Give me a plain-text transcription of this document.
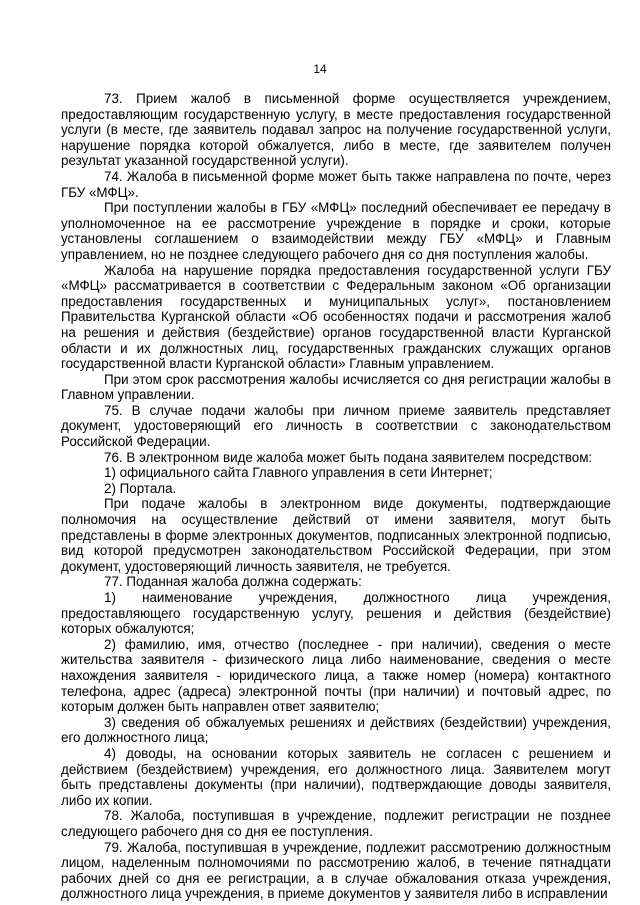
14

73. Прием жалоб в письменной форме осуществляется учреждением, предоставляющим государственную услугу, в месте предоставления государственной услуги (в месте, где заявитель подавал запрос на получение государственной услуги, нарушение порядка которой обжалуется, либо в месте, где заявителем получен результат указанной государственной услуги).

74. Жалоба в письменной форме может быть также направлена по почте, через ГБУ «МФЦ».

При поступлении жалобы в ГБУ «МФЦ» последний обеспечивает ее передачу в уполномоченное на ее рассмотрение учреждение в порядке и сроки, которые установлены соглашением о взаимодействии между ГБУ «МФЦ» и Главным управлением, но не позднее следующего рабочего дня со дня поступления жалобы.

Жалоба на нарушение порядка предоставления государственной услуги ГБУ «МФЦ» рассматривается в соответствии с Федеральным законом «Об организации предоставления государственных и муниципальных услуг», постановлением Правительства Курганской области «Об особенностях подачи и рассмотрения жалоб на решения и действия (бездействие) органов государственной власти Курганской области и их должностных лиц, государственных гражданских служащих органов государственной власти Курганской области» Главным управлением.

При этом срок рассмотрения жалобы исчисляется со дня регистрации жалобы в Главном управлении.

75. В случае подачи жалобы при личном приеме заявитель представляет документ, удостоверяющий его личность в соответствии с законодательством Российской Федерации.

76. В электронном виде жалоба может быть подана заявителем посредством:

1) официального сайта Главного управления в сети Интернет;

2) Портала.

При подаче жалобы в электронном виде документы, подтверждающие полномочия на осуществление действий от имени заявителя, могут быть представлены в форме электронных документов, подписанных электронной подписью, вид которой предусмотрен законодательством Российской Федерации, при этом документ, удостоверяющий личность заявителя, не требуется.

77. Поданная жалоба должна содержать:

1) наименование учреждения, должностного лица учреждения, предоставляющего государственную услугу, решения и действия (бездействие) которых обжалуются;

2) фамилию, имя, отчество (последнее - при наличии), сведения о месте жительства заявителя - физического лица либо наименование, сведения о месте нахождения заявителя - юридического лица, а также номер (номера) контактного телефона, адрес (адреса) электронной почты (при наличии) и почтовый адрес, по которым должен быть направлен ответ заявителю;

3) сведения об обжалуемых решениях и действиях (бездействии) учреждения, его должностного лица;

4) доводы, на основании которых заявитель не согласен с решением и действием (бездействием) учреждения, его должностного лица. Заявителем могут быть представлены документы (при наличии), подтверждающие доводы заявителя, либо их копии.

78. Жалоба, поступившая в учреждение, подлежит регистрации не позднее следующего рабочего дня со дня ее поступления.

79. Жалоба, поступившая в учреждение, подлежит рассмотрению должностным лицом, наделенным полномочиями по рассмотрению жалоб, в течение пятнадцати рабочих дней со дня ее регистрации, а в случае обжалования отказа учреждения, должностного лица учреждения, в приеме документов у заявителя либо в исправлении
